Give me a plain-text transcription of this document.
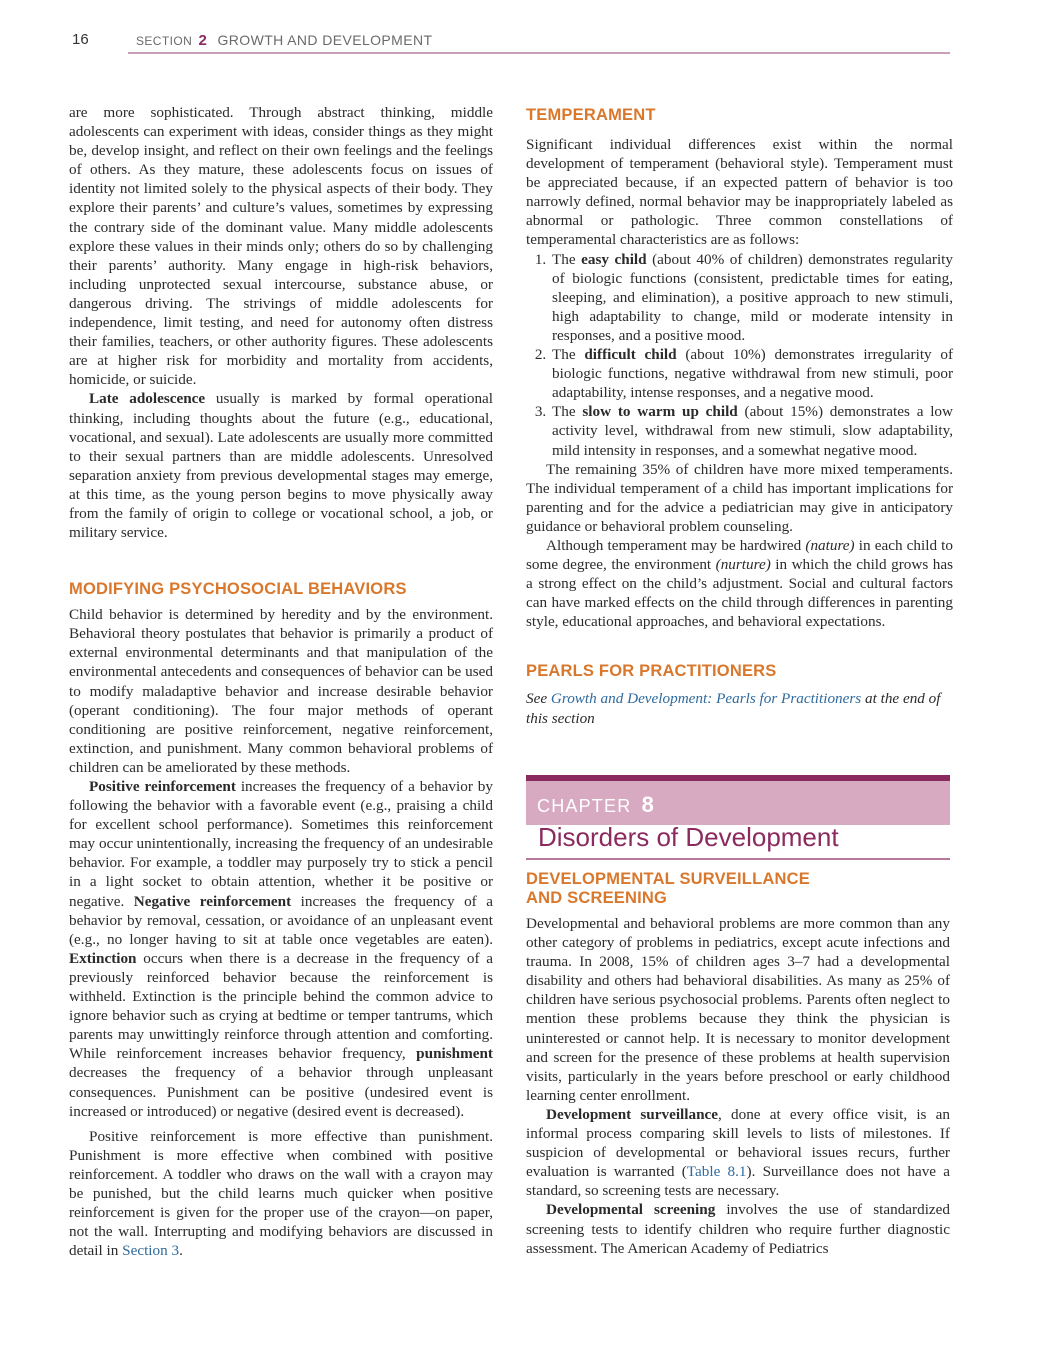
16	SECTION 2 GROWTH AND DEVELOPMENT

are more sophisticated. Through abstract thinking, middle adolescents can experiment with ideas, consider things as they might be, develop insight, and reflect on their own feelings and the feelings of others. As they mature, these adolescents focus on issues of identity not limited solely to the physical aspects of their body. They explore their parents’ and culture’s values, sometimes by expressing the contrary side of the dominant value. Many middle adolescents explore these values in their minds only; others do so by challenging their parents’ authority. Many engage in high-risk behaviors, including unprotected sexual intercourse, substance abuse, or dangerous driving. The strivings of middle adolescents for independence, limit testing, and need for autonomy often distress their families, teachers, or other authority figures. These adolescents are at higher risk for morbidity and mortality from accidents, homicide, or suicide.

Late adolescence usually is marked by formal operational thinking, including thoughts about the future (e.g., educational, vocational, and sexual). Late adolescents are usually more committed to their sexual partners than are middle adolescents. Unresolved separation anxiety from previous developmental stages may emerge, at this time, as the young person begins to move physically away from the family of origin to college or vocational school, a job, or military service.

MODIFYING PSYCHOSOCIAL BEHAVIORS

Child behavior is determined by heredity and by the environment. Behavioral theory postulates that behavior is primarily a product of external environmental determinants and that manipulation of the environmental antecedents and consequences of behavior can be used to modify maladaptive behavior and increase desirable behavior (operant conditioning). The four major methods of operant conditioning are positive reinforcement, negative reinforcement, extinction, and punishment. Many common behavioral problems of children can be ameliorated by these methods.

Positive reinforcement increases the frequency of a behavior by following the behavior with a favorable event (e.g., praising a child for excellent school performance). Sometimes this reinforcement may occur unintentionally, increasing the frequency of an undesirable behavior. For example, a toddler may purposely try to stick a pencil in a light socket to obtain attention, whether it be positive or negative. Negative reinforcement increases the frequency of a behavior by removal, cessation, or avoidance of an unpleasant event (e.g., no longer having to sit at table once vegetables are eaten). Extinction occurs when there is a decrease in the frequency of a previously reinforced behavior because the reinforcement is withheld. Extinction is the principle behind the common advice to ignore behavior such as crying at bedtime or temper tantrums, which parents may unwittingly reinforce through attention and comforting. While reinforcement increases behavior frequency, punishment decreases the frequency of a behavior through unpleasant consequences. Punishment can be positive (undesired event is increased or introduced) or negative (desired event is decreased).

Positive reinforcement is more effective than punishment. Punishment is more effective when combined with positive reinforcement. A toddler who draws on the wall with a crayon may be punished, but the child learns much quicker when positive reinforcement is given for the proper use of the crayon—on paper, not the wall. Interrupting and modifying behaviors are discussed in detail in Section 3.

TEMPERAMENT

Significant individual differences exist within the normal development of temperament (behavioral style). Temperament must be appreciated because, if an expected pattern of behavior is too narrowly defined, normal behavior may be inappropriately labeled as abnormal or pathologic. Three common constellations of temperamental characteristics are as follows:

1. The easy child (about 40% of children) demonstrates regularity of biologic functions (consistent, predictable times for eating, sleeping, and elimination), a positive approach to new stimuli, high adaptability to change, mild or moderate intensity in responses, and a positive mood.
2. The difficult child (about 10%) demonstrates irregularity of biologic functions, negative withdrawal from new stimuli, poor adaptability, intense responses, and a negative mood.
3. The slow to warm up child (about 15%) demonstrates a low activity level, withdrawal from new stimuli, slow adaptability, mild intensity in responses, and a somewhat negative mood.

The remaining 35% of children have more mixed temperaments. The individual temperament of a child has important implications for parenting and for the advice a pediatrician may give in anticipatory guidance or behavioral problem counseling.

Although temperament may be hardwired (nature) in each child to some degree, the environment (nurture) in which the child grows has a strong effect on the child’s adjustment. Social and cultural factors can have marked effects on the child through differences in parenting style, educational approaches, and behavioral expectations.

PEARLS FOR PRACTITIONERS

See Growth and Development: Pearls for Practitioners at the end of this section

CHAPTER 8
Disorders of Development
DEVELOPMENTAL SURVEILLANCE
AND SCREENING

Developmental and behavioral problems are more common than any other category of problems in pediatrics, except acute infections and trauma. In 2008, 15% of children ages 3–7 had a developmental disability and others had behavioral disabilities. As many as 25% of children have serious psychosocial problems. Parents often neglect to mention these problems because they think the physician is uninterested or cannot help. It is necessary to monitor development and screen for the presence of these problems at health supervision visits, particularly in the years before preschool or early childhood learning center enrollment.

Development surveillance, done at every office visit, is an informal process comparing skill levels to lists of milestones. If suspicion of developmental or behavioral issues recurs, further evaluation is warranted (Table 8.1). Surveillance does not have a standard, so screening tests are necessary.

Developmental screening involves the use of standardized screening tests to identify children who require further diagnostic assessment. The American Academy of Pediatrics
